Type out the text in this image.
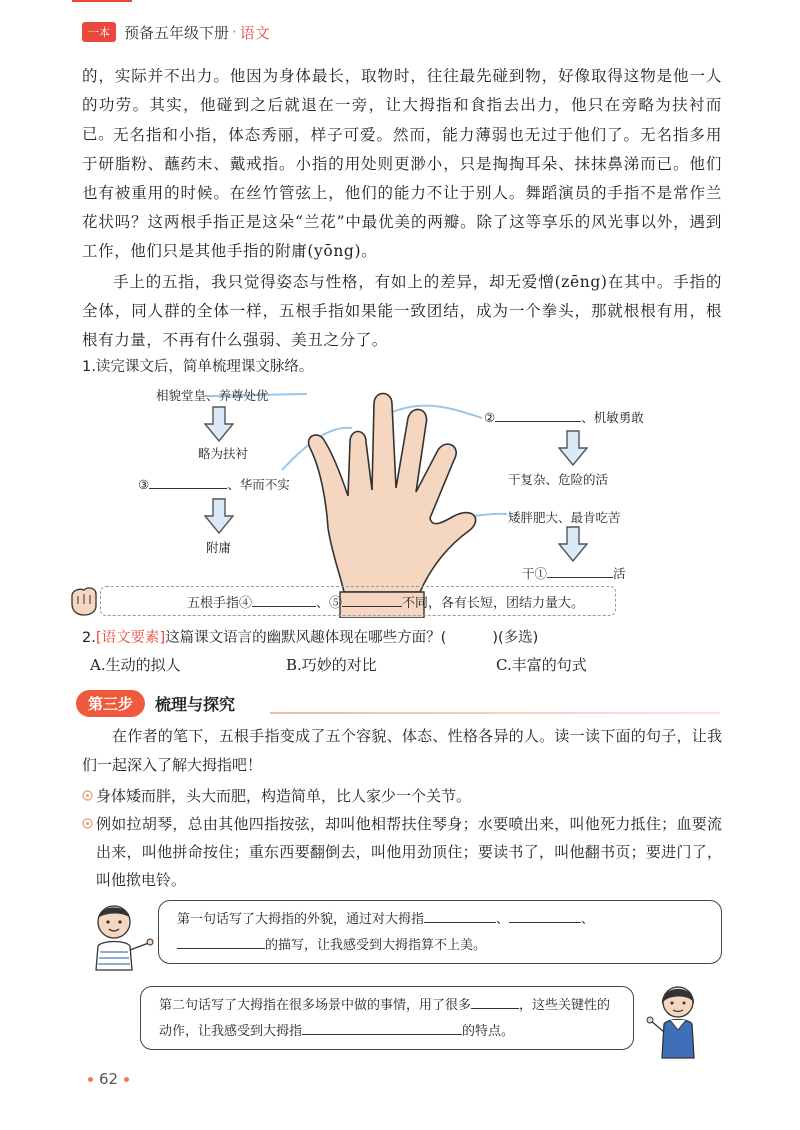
一本 预备五年级下册 · 语文

的，实际并不出力。他因为身体最长，取物时，往往最先碰到物，好像取得这物是他一人的功劳。其实，他碰到之后就退在一旁，让大拇指和食指去出力，他只在旁略为扶衬而已。

无名指和小指，体态秀丽，样子可爱。然而，能力薄弱也无过于他们了。无名指多用于研脂粉、蘸药末、戴戒指。小指的用处则更渺小，只是掏掏耳朵、抹抹鼻涕而已。他们也有被重用的时候。在丝竹管弦上，他们的能力不让于别人。舞蹈演员的手指不是常作兰花状吗？这两根手指正是这朵“兰花”中最优美的两瓣。除了这等享乐的风光事以外，遇到工作，他们只是其他手指的附庸(yōng)。

手上的五指，我只觉得姿态与性格，有如上的差异，却无爱憎(zēng)在其中。手指的全体，同人群的全体一样，五根手指如果能一致团结，成为一个拳头，那就根根有用，根根有力量，不再有什么强弱、美丑之分了。

1.读完课文后，简单梳理课文脉络。
相貌堂皇、养尊处优
略为扶衬
③	、华而不实
附庸
②	、机敏勇敢
干复杂、危险的活
矮胖肥大、最肯吃苦
干①	活
五根手指④	、⑤	不同，各有长短，团结力量大。
2.[语文要素]这篇课文语言的幽默风趣体现在哪些方面？(	)(多选)
A.生动的拟人	B.巧妙的对比	C.丰富的句式
第三步	梳理与探究

在作者的笔下，五根手指变成了五个容貌、体态、性格各异的人。读一读下面的句子，让我们一起深入了解大拇指吧！

身体矮而胖，头大而肥，构造简单，比人家少一个关节。
例如拉胡琴，总由其他四指按弦，却叫他相帮扶住琴身；水要喷出来，叫他死力抵住；血要流出来，叫他拼命按住；重东西要翻倒去，叫他用劲顶住；要读书了，叫他翻书页；要进门了，叫他揿电铃。
第一句话写了大拇指的外貌，通过对大拇指	、	、
的描写，让我感受到大拇指算不上美。
第二句话写了大拇指在很多场景中做的事情，用了很多	，这些关键性的动作，让我感受到大拇指	的特点。
62
